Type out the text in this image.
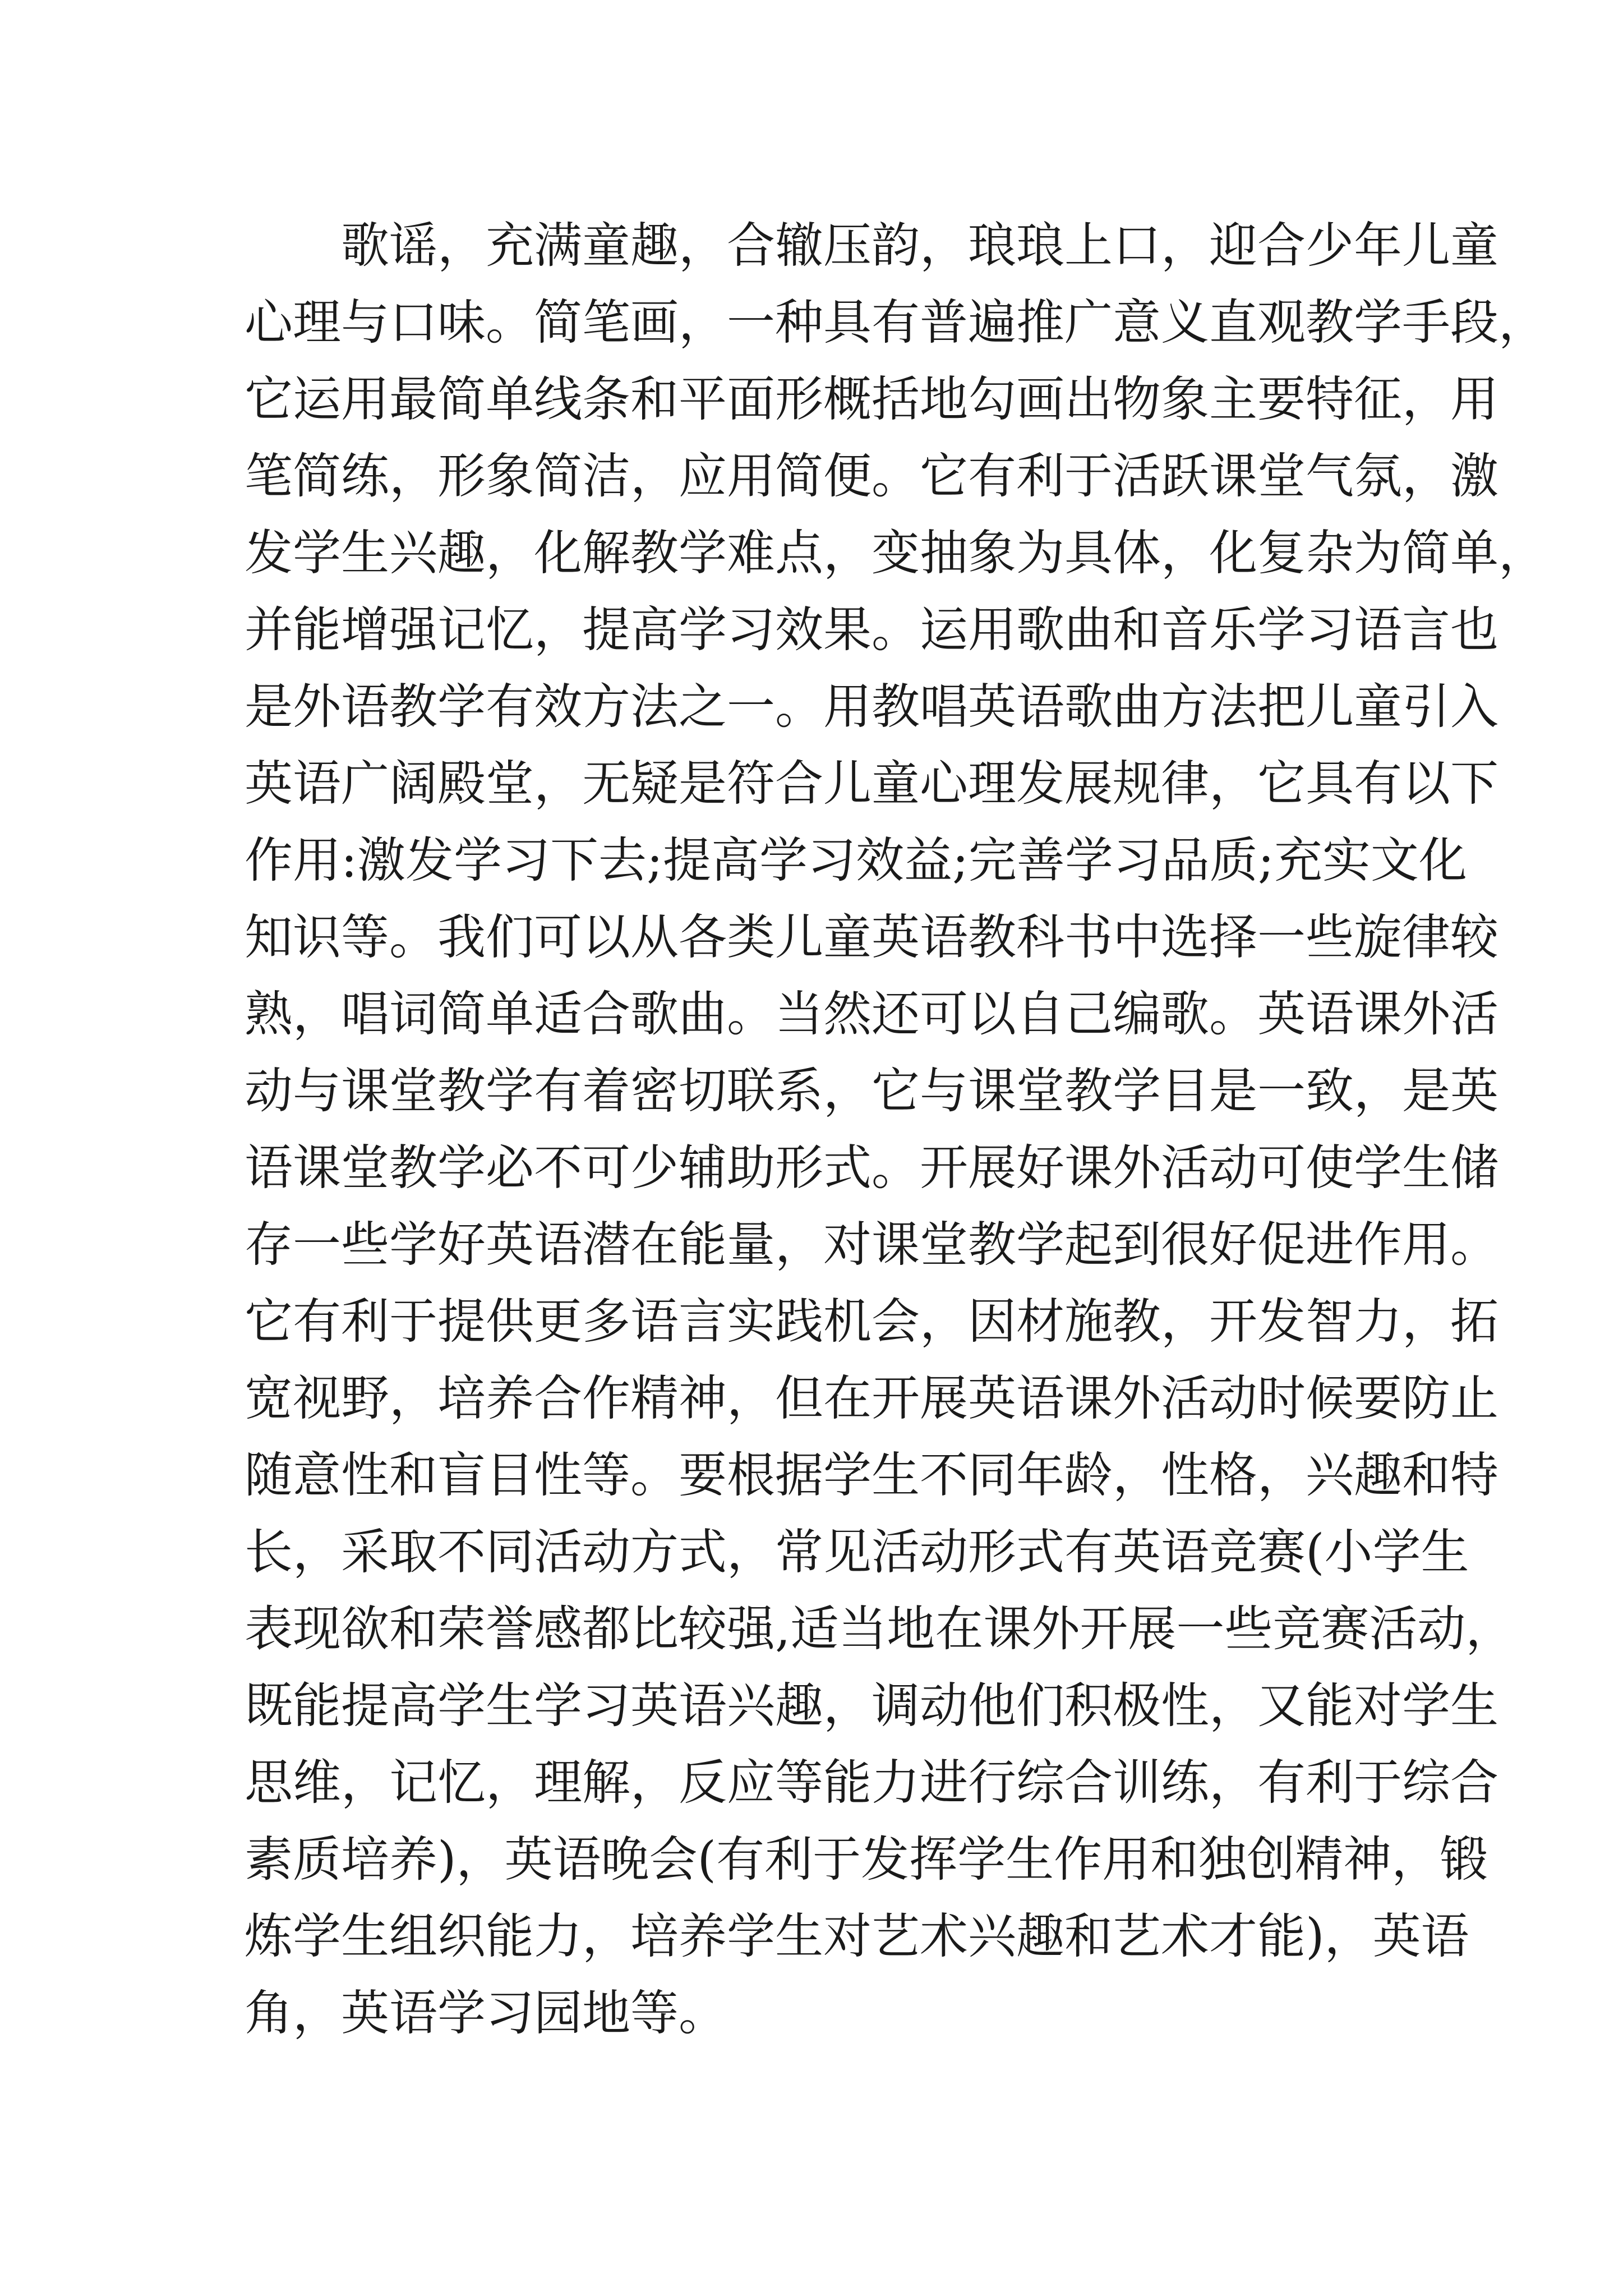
歌谣，充满童趣，合辙压韵，琅琅上口，迎合少年儿童
心理与口味。简笔画，一种具有普遍推广意义直观教学手段，
它运用最简单线条和平面形概括地勾画出物象主要特征，用
笔简练，形象简洁，应用简便。它有利于活跃课堂气氛，激
发学生兴趣，化解教学难点，变抽象为具体，化复杂为简单，
并能增强记忆，提高学习效果。运用歌曲和音乐学习语言也
是外语教学有效方法之一。用教唱英语歌曲方法把儿童引入
英语广阔殿堂，无疑是符合儿童心理发展规律，它具有以下
作用:激发学习下去;提高学习效益;完善学习品质;充实文化
知识等。我们可以从各类儿童英语教科书中选择一些旋律较
熟，唱词简单适合歌曲。当然还可以自己编歌。英语课外活
动与课堂教学有着密切联系，它与课堂教学目是一致，是英
语课堂教学必不可少辅助形式。开展好课外活动可使学生储
存一些学好英语潜在能量，对课堂教学起到很好促进作用。
它有利于提供更多语言实践机会，因材施教，开发智力，拓
宽视野，培养合作精神，但在开展英语课外活动时候要防止
随意性和盲目性等。要根据学生不同年龄，性格，兴趣和特
长，采取不同活动方式，常见活动形式有英语竞赛(小学生
表现欲和荣誉感都比较强,适当地在课外开展一些竞赛活动，
既能提高学生学习英语兴趣，调动他们积极性，又能对学生
思维，记忆，理解，反应等能力进行综合训练，有利于综合
素质培养)，英语晚会(有利于发挥学生作用和独创精神，锻
炼学生组织能力，培养学生对艺术兴趣和艺术才能)，英语
角，英语学习园地等。
